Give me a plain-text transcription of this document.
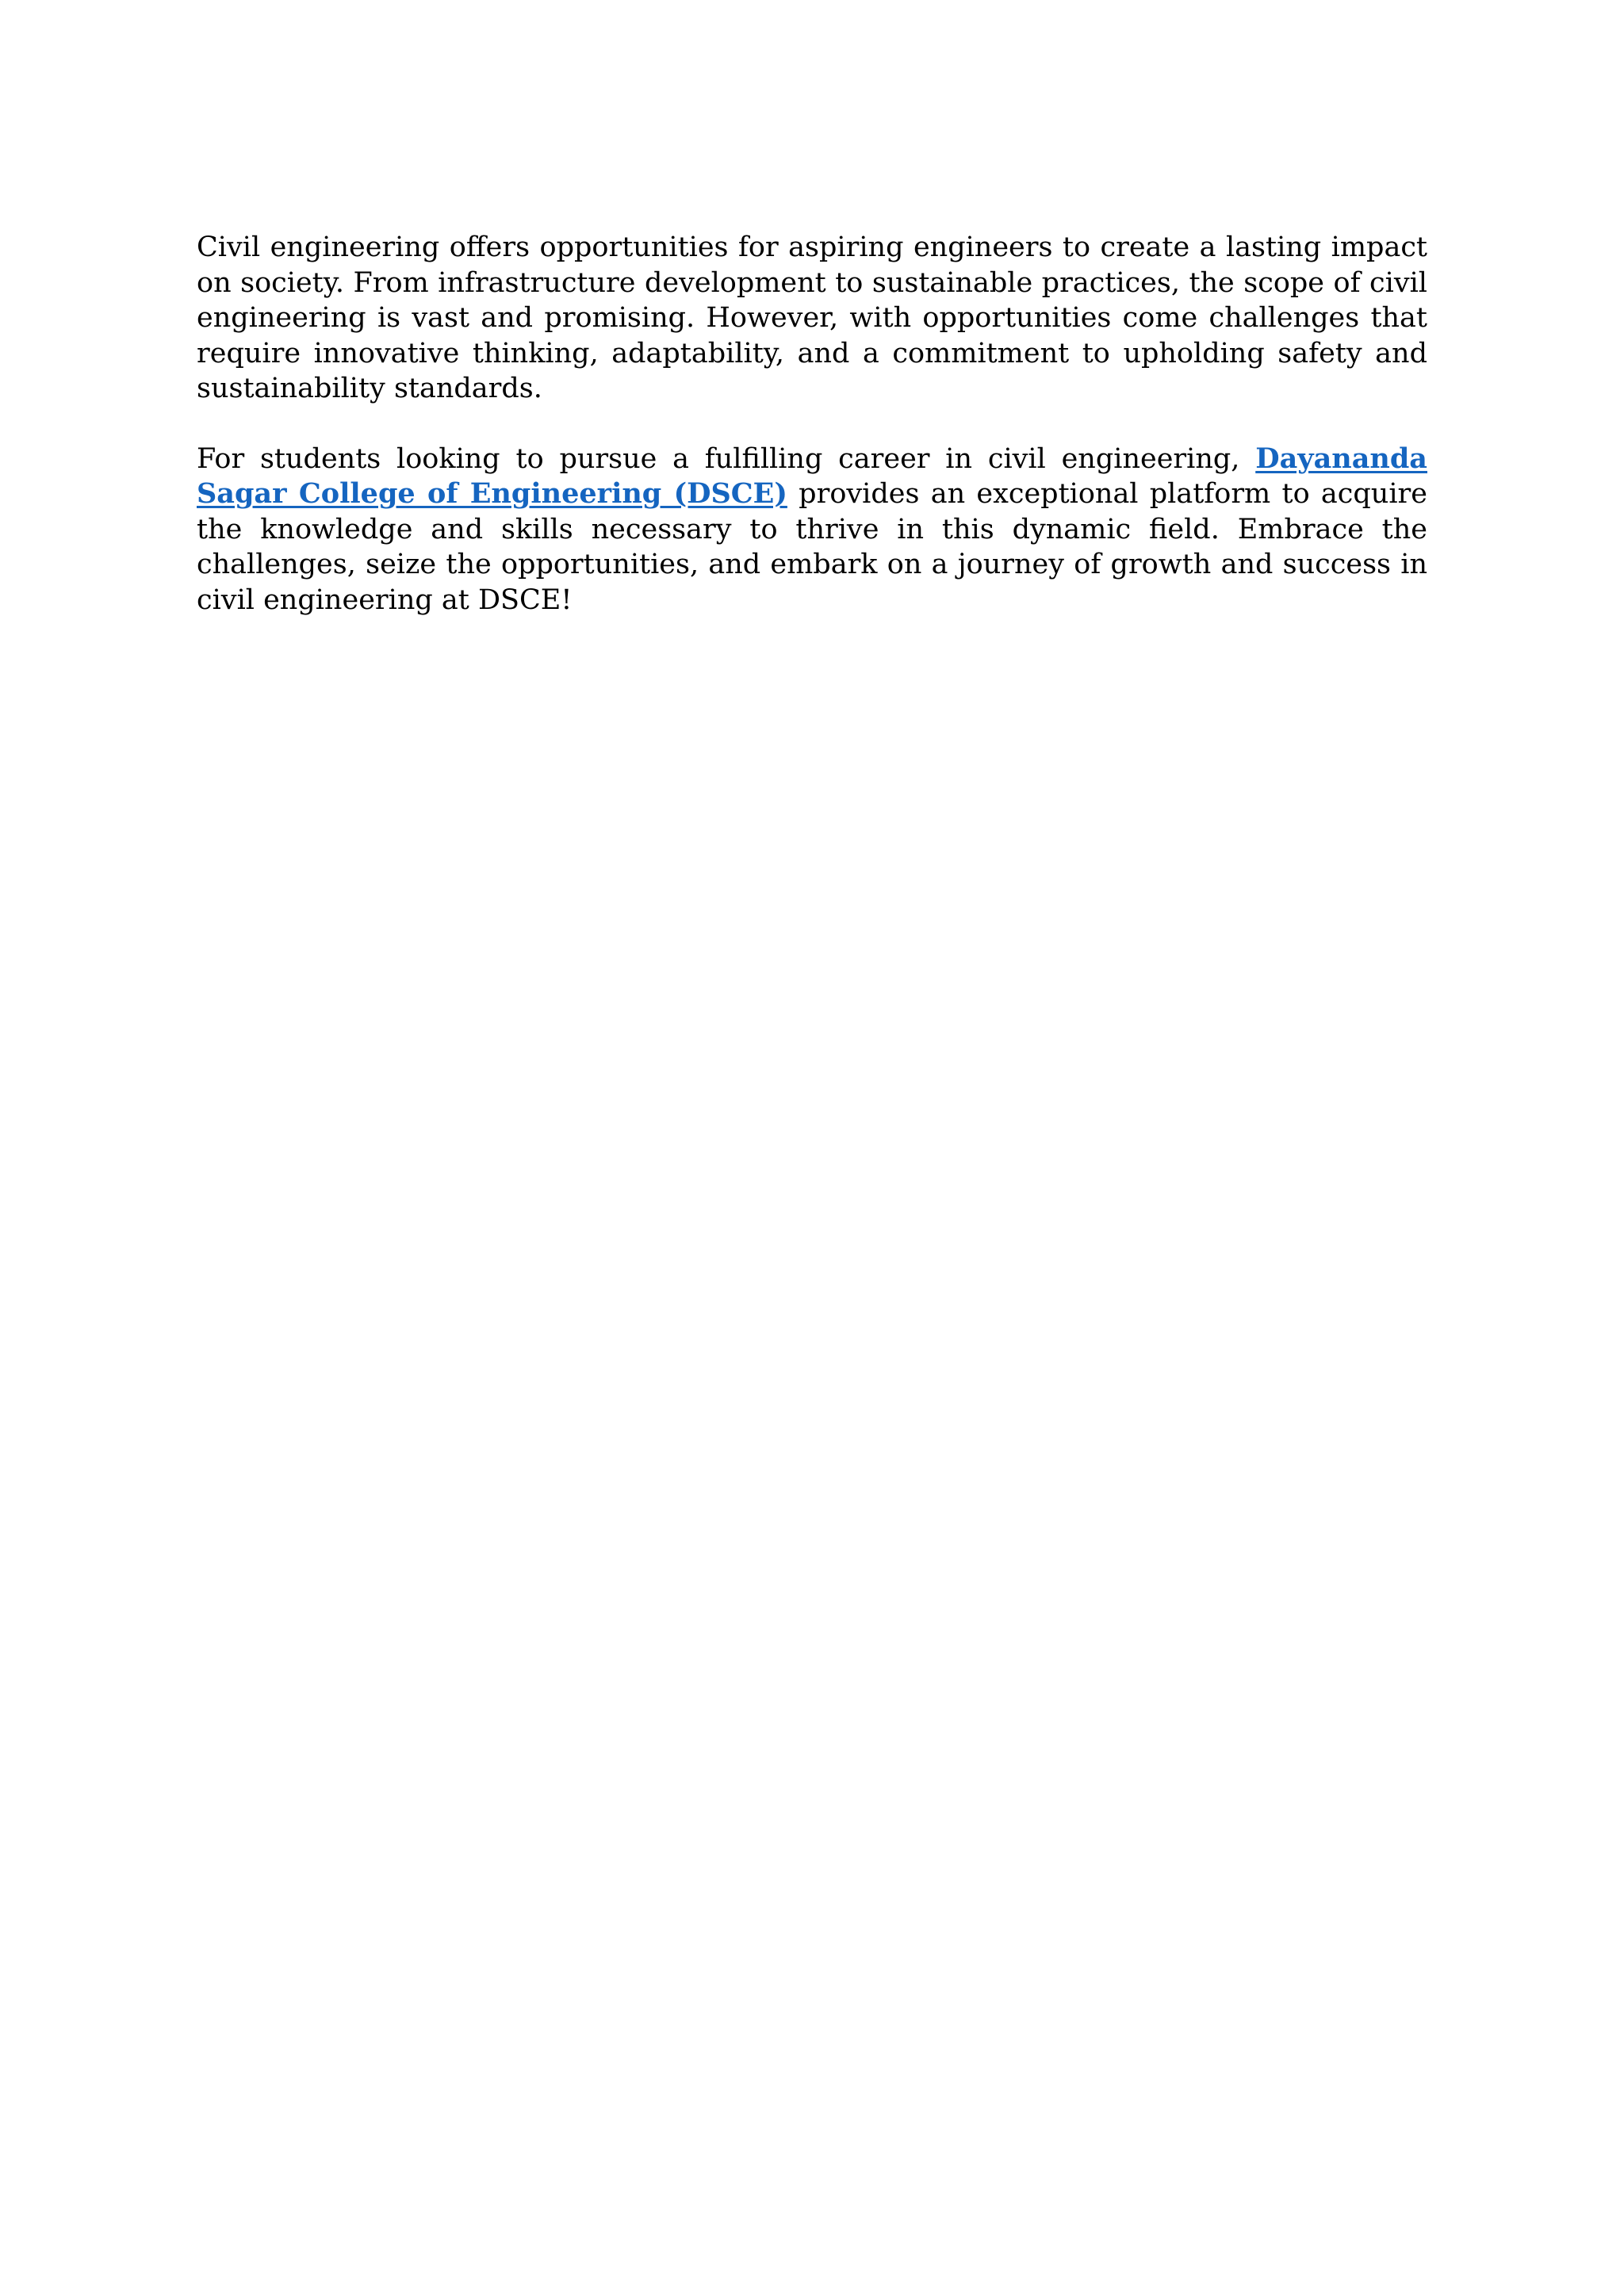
Civil engineering offers opportunities for aspiring engineers to create a lasting impact on society. From infrastructure development to sustainable practices, the scope of civil engineering is vast and promising. However, with opportunities come challenges that require innovative thinking, adaptability, and a commitment to upholding safety and sustainability standards.

For students looking to pursue a fulfilling career in civil engineering, Dayananda Sagar College of Engineering (DSCE) provides an exceptional platform to acquire the knowledge and skills necessary to thrive in this dynamic field. Embrace the challenges, seize the opportunities, and embark on a journey of growth and success in civil engineering at DSCE!
